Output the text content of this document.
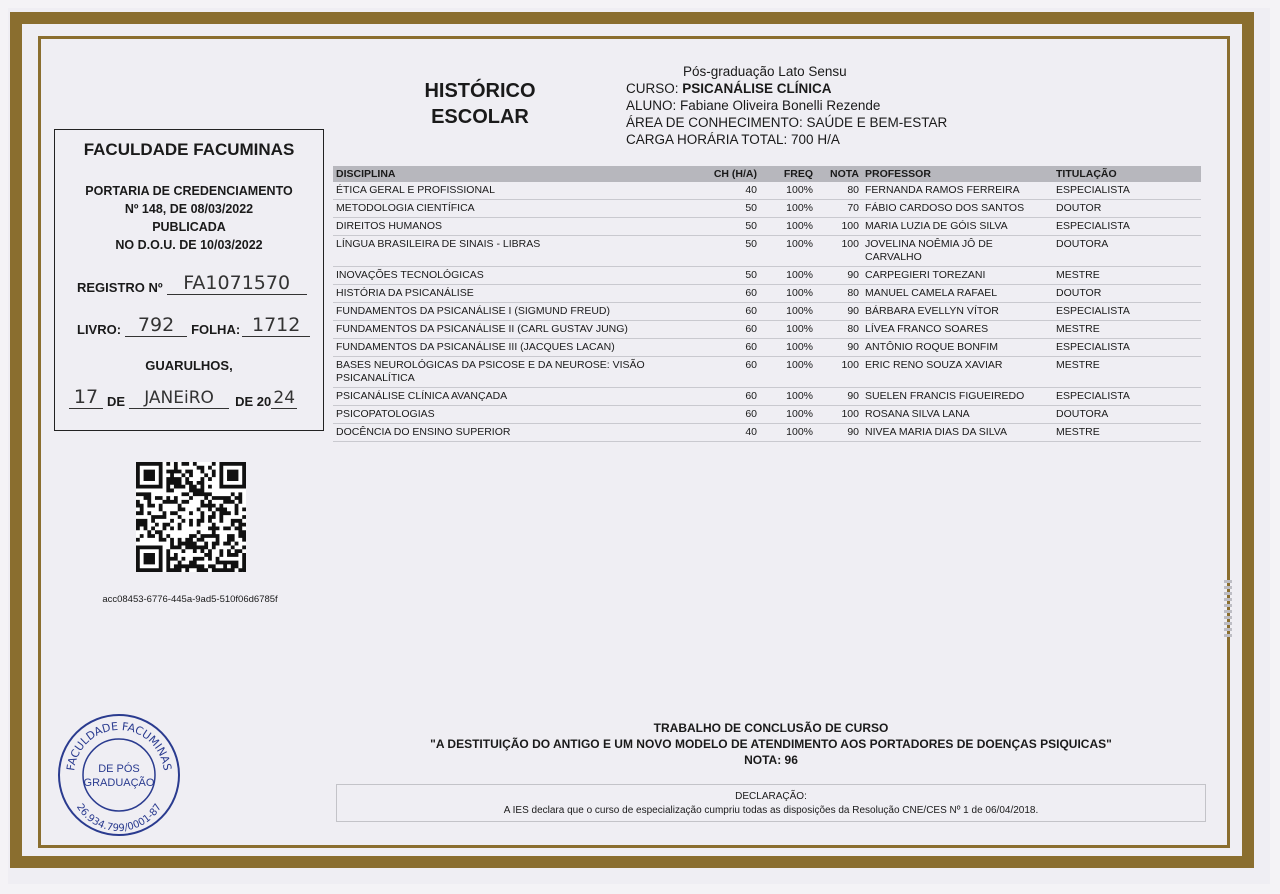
FACULDADE FACUMINAS
PORTARIA DE CREDENCIAMENTO
Nº 148, DE 08/03/2022
PUBLICADA
NO D.O.U. DE 10/03/2022
REGISTRO Nº	FA1071570
LIVRO: 792	FOLHA: 1712
GUARULHOS,
17 DE	JANEiRO	DE 20 24
HISTÓRICO
ESCOLAR
Pós-graduação Lato Sensu
CURSO: PSICANÁLISE CLÍNICA
ALUNO: Fabiane Oliveira Bonelli Rezende
ÁREA DE CONHECIMENTO: SAÚDE E BEM-ESTAR
CARGA HORÁRIA TOTAL: 700 H/A
DISCIPLINA	CH (H/A)	FREQ	NOTA	PROFESSOR	TITULAÇÃO
ÉTICA GERAL E PROFISSIONAL	40	100%	80	FERNANDA RAMOS FERREIRA	ESPECIALISTA
METODOLOGIA CIENTÍFICA	50	100%	70	FÁBIO CARDOSO DOS SANTOS	DOUTOR
DIREITOS HUMANOS	50	100%	100	MARIA LUZIA DE GÓIS SILVA	ESPECIALISTA
LÍNGUA BRASILEIRA DE SINAIS - LIBRAS	50	100%	100	JOVELINA NOÊMIA JÔ DE CARVALHO	DOUTORA
INOVAÇÕES TECNOLÓGICAS	50	100%	90	CARPEGIERI TOREZANI	MESTRE
HISTÓRIA DA PSICANÁLISE	60	100%	80	MANUEL CAMELA RAFAEL	DOUTOR
FUNDAMENTOS DA PSICANÁLISE I (SIGMUND FREUD)	60	100%	90	BÁRBARA EVELLYN VÍTOR	ESPECIALISTA
FUNDAMENTOS DA PSICANÁLISE II (CARL GUSTAV JUNG)	60	100%	80	LÍVEA FRANCO SOARES	MESTRE
FUNDAMENTOS DA PSICANÁLISE III (JACQUES LACAN)	60	100%	90	ANTÔNIO ROQUE BONFIM	ESPECIALISTA
BASES NEUROLÓGICAS DA PSICOSE E DA NEUROSE: VISÃO PSICANALÍTICA	60	100%	100	ERIC RENO SOUZA XAVIAR	MESTRE
PSICANÁLISE CLÍNICA AVANÇADA	60	100%	90	SUELEN FRANCIS FIGUEIREDO	ESPECIALISTA
PSICOPATOLOGIAS	60	100%	100	ROSANA SILVA LANA	DOUTORA
DOCÊNCIA DO ENSINO SUPERIOR	40	100%	90	NIVEA MARIA DIAS DA SILVA	MESTRE
acc08453-6776-445a-9ad5-510f06d6785f
TRABALHO DE CONCLUSÃO DE CURSO
"A DESTITUIÇÃO DO ANTIGO E UM NOVO MODELO DE ATENDIMENTO AOS PORTADORES DE DOENÇAS PSIQUICAS"
NOTA: 96
DECLARAÇÃO:
A IES declara que o curso de especialização cumpriu todas as disposições da Resolução CNE/CES Nº 1 de 06/04/2018.
FACULDADE FACUMINAS
26.934.799/0001-87
DE PÓS
GRADUAÇÃO
